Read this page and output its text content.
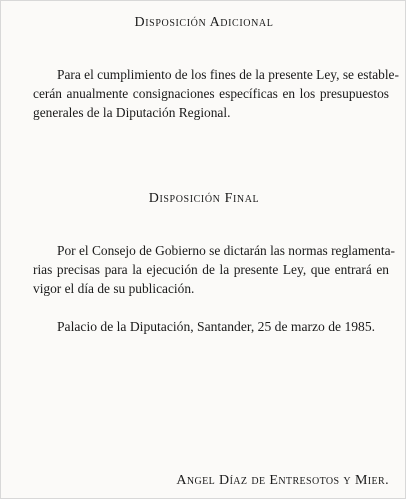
Disposición Adicional

Para el cumplimiento de los fines de la presente Ley, se estable-
cerán anualmente consignaciones específicas en los presupuestos
generales de la Diputación Regional.

Disposición Final

Por el Consejo de Gobierno se dictarán las normas reglamenta-
rias precisas para la ejecución de la presente Ley, que entrará en
vigor el día de su publicación.

Palacio de la Diputación, Santander, 25 de marzo de 1985.

Angel Díaz de Entresotos y Mier.
